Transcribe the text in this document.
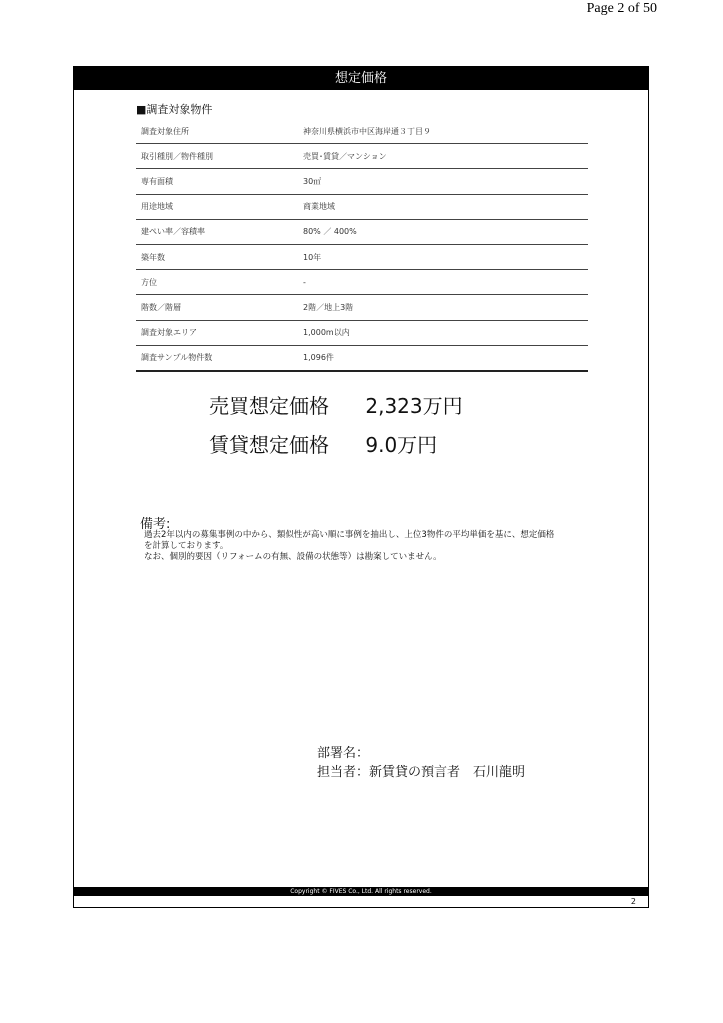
Page 2 of 50
想定価格
■調査対象物件
調査対象住所	神奈川県横浜市中区海岸通３丁目９
取引種別／物件種別	売買･賃貸／マンション
専有面積	30㎡
用途地域	商業地域
建ぺい率／容積率	80% ／ 400%
築年数	10年
方位	-
階数／階層	2階／地上3階
調査対象エリア	1,000m以内
調査サンプル物件数	1,096件
売買想定価格 2,323万円
賃貸想定価格 9.0万円
備考:
過去2年以内の募集事例の中から、類似性が高い順に事例を抽出し、上位3物件の平均単価を基に、想定価格
を計算しております。
なお、個別的要因（リフォームの有無、設備の状態等）は勘案していません。
部署名：
担当者：新賃貸の預言者　石川龍明
Copyright © FIVES Co., Ltd. All rights reserved.
2
